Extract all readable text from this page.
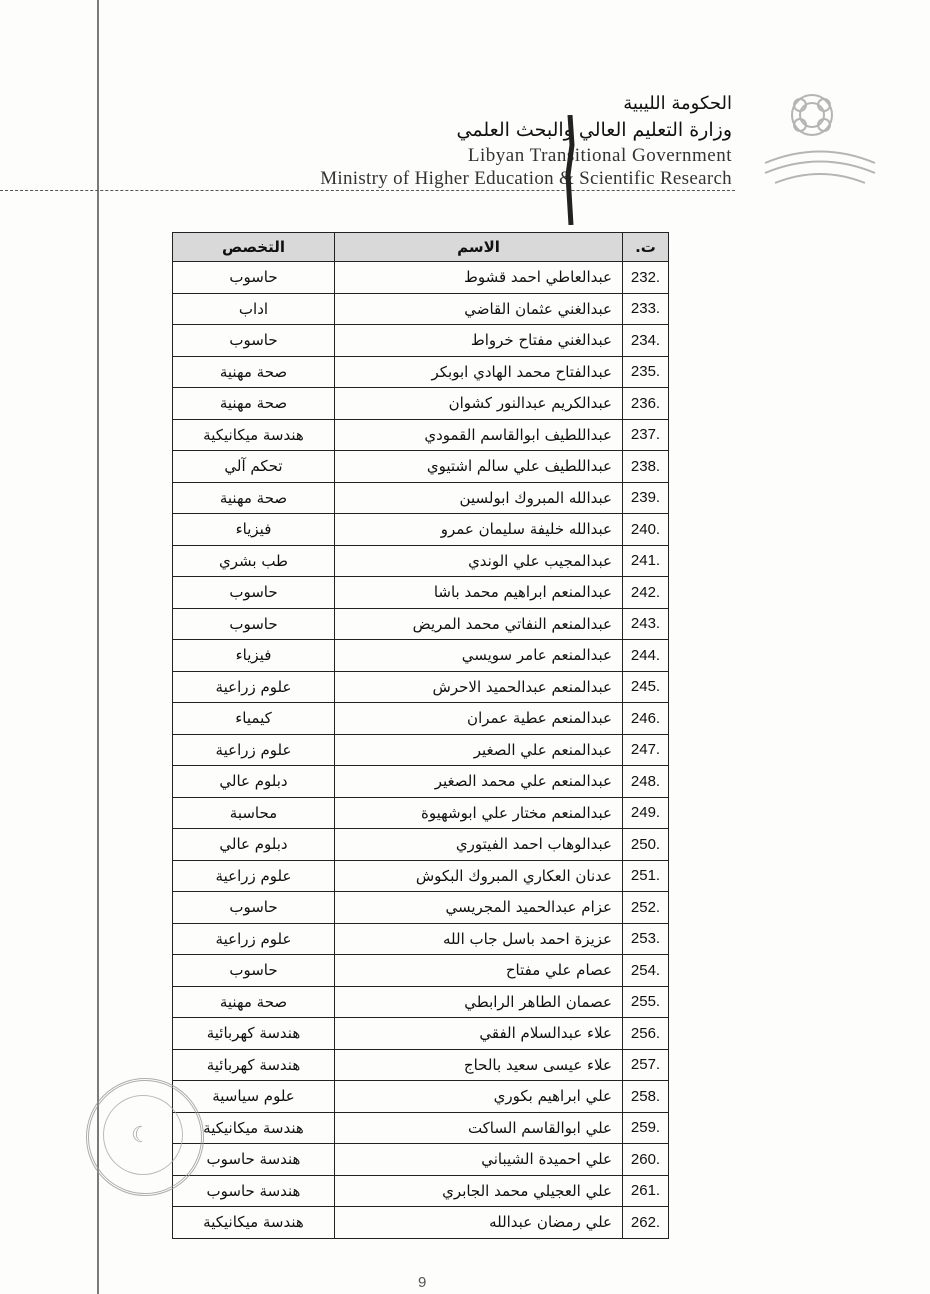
الحكومة الليبية
وزارة التعليم العالي والبحث العلمي
Libyan Transitional Government
Ministry of Higher Education & Scientific Research
ت.	الاسم	التخصص
232.	عبدالعاطي احمد قشوط	حاسوب
233.	عبدالغني عثمان القاضي	اداب
234.	عبدالغني مفتاح خرواط	حاسوب
235.	عبدالفتاح محمد الهادي ابوبكر	صحة مهنية
236.	عبدالكريم عبدالنور كشوان	صحة مهنية
237.	عبداللطيف ابوالقاسم القمودي	هندسة ميكانيكية
238.	عبداللطيف علي سالم اشتيوي	تحكم آلي
239.	عبدالله المبروك ابولسين	صحة مهنية
240.	عبدالله خليفة سليمان عمرو	فيزياء
241.	عبدالمجيب علي الوندي	طب بشري
242.	عبدالمنعم ابراهيم محمد باشا	حاسوب
243.	عبدالمنعم النفاتي محمد المريض	حاسوب
244.	عبدالمنعم عامر سويسي	فيزياء
245.	عبدالمنعم عبدالحميد الاحرش	علوم زراعية
246.	عبدالمنعم عطية عمران	كيمياء
247.	عبدالمنعم علي الصغير	علوم زراعية
248.	عبدالمنعم علي محمد الصغير	دبلوم عالي
249.	عبدالمنعم مختار علي ابوشهيوة	محاسبة
250.	عبدالوهاب احمد الفيتوري	دبلوم عالي
251.	عدنان العكاري المبروك البكوش	علوم زراعية
252.	عزام عبدالحميد المجريسي	حاسوب
253.	عزيزة احمد باسل جاب الله	علوم زراعية
254.	عصام علي مفتاح	حاسوب
255.	عصمان الطاهر الرابطي	صحة مهنية
256.	علاء عبدالسلام الفقي	هندسة كهربائية
257.	علاء عيسى سعيد بالحاج	هندسة كهربائية
258.	علي ابراهيم بكوري	علوم سياسية
259.	علي ابوالقاسم الساكت	هندسة ميكانيكية
260.	علي احميدة الشيباني	هندسة حاسوب
261.	علي العجيلي محمد الجابري	هندسة حاسوب
262.	علي رمضان عبدالله	هندسة ميكانيكية
☾
9
